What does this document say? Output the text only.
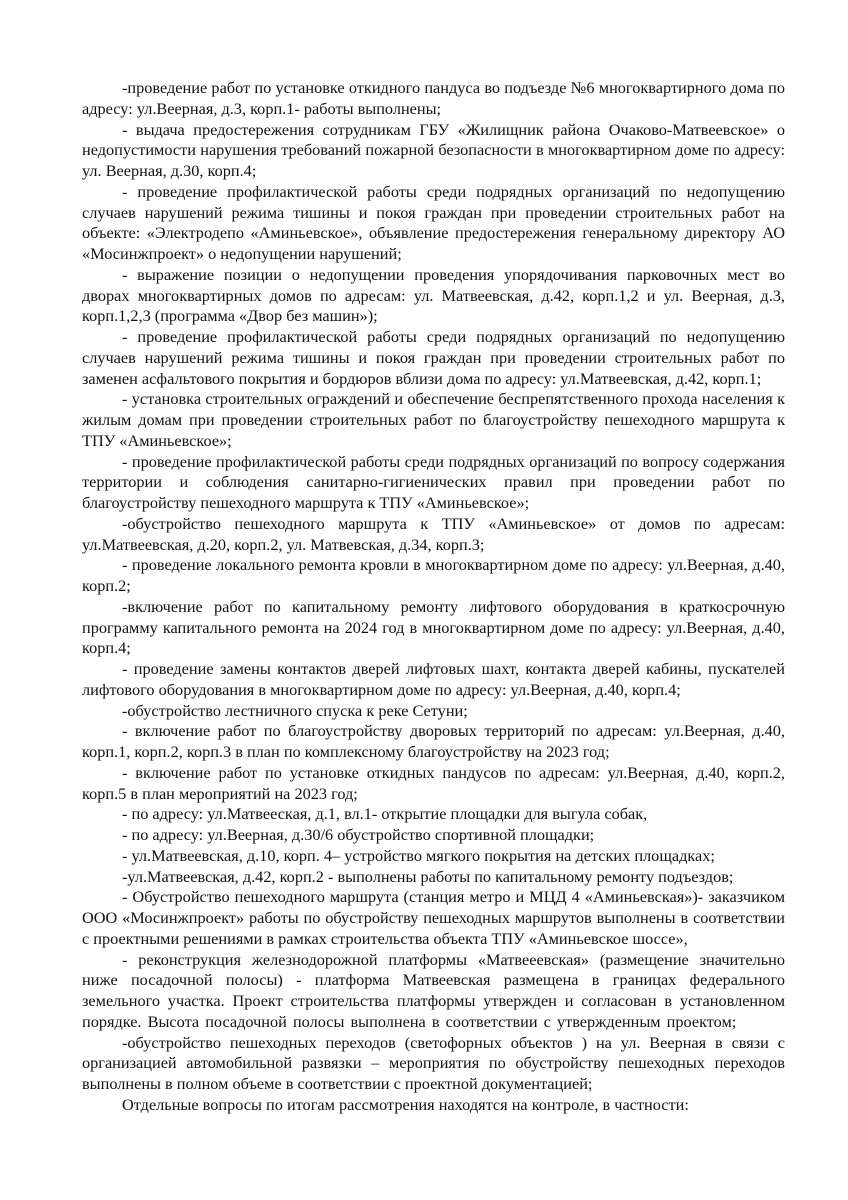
-проведение работ по установке откидного пандуса во подъезде №6 многоквартирного дома по адресу: ул.Веерная, д.3, корп.1- работы выполнены;

- выдача предостережения сотрудникам ГБУ «Жилищник района Очаково-Матвеевское» о недопустимости нарушения требований пожарной безопасности в многоквартирном доме по адресу: ул. Веерная, д.30, корп.4;

- проведение профилактической работы среди подрядных организаций по недопущению случаев нарушений режима тишины и покоя граждан при проведении строительных работ на объекте: «Электродепо «Аминьевское», объявление предостережения генеральному директору АО «Мосинжпроект» о недопущении нарушений;

- выражение позиции о недопущении проведения упорядочивания парковочных мест во дворах многоквартирных домов по адресам: ул. Матвеевская, д.42, корп.1,2 и ул. Веерная, д.3, корп.1,2,3 (программа «Двор без машин»);

- проведение профилактической работы среди подрядных организаций по недопущению случаев нарушений режима тишины и покоя граждан при проведении строительных работ по заменен асфальтового покрытия и бордюров вблизи дома по адресу: ул.Матвеевская, д.42, корп.1;

- установка строительных ограждений и обеспечение беспрепятственного прохода населения к жилым домам при проведении строительных работ по благоустройству пешеходного маршрута к ТПУ «Аминьевское»;

- проведение профилактической работы среди подрядных организаций по вопросу содержания территории и соблюдения санитарно-гигиенических правил при проведении работ по благоустройству пешеходного маршрута к ТПУ «Аминьевское»;

-обустройство пешеходного маршрута к ТПУ «Аминьевское» от домов по адресам: ул.Матвеевская, д.20, корп.2, ул. Матвевская, д.34, корп.3;

- проведение локального ремонта кровли в многоквартирном доме по адресу: ул.Веерная, д.40, корп.2;

-включение работ по капитальному ремонту лифтового оборудования в краткосрочную программу капитального ремонта на 2024 год в многоквартирном доме по адресу: ул.Веерная, д.40, корп.4;

- проведение замены контактов дверей лифтовых шахт, контакта дверей кабины, пускателей лифтового оборудования в многоквартирном доме по адресу: ул.Веерная, д.40, корп.4;

-обустройство лестничного спуска к реке Сетуни;

- включение работ по благоустройству дворовых территорий по адресам: ул.Веерная, д.40, корп.1, корп.2, корп.3 в план по комплексному благоустройству на 2023 год;

- включение работ по установке откидных пандусов по адресам: ул.Веерная, д.40, корп.2, корп.5 в план мероприятий на 2023 год;

- по адресу: ул.Матвееская, д.1, вл.1- открытие площадки для выгула собак,

- по адресу: ул.Веерная, д.30/6 обустройство спортивной площадки;

- ул.Матвеевская, д.10, корп. 4– устройство мягкого покрытия на детских площадках;

-ул.Матвеевская, д.42, корп.2 - выполнены работы по капитальному ремонту подъездов;

- Обустройство пешеходного маршрута (станция метро и МЦД 4 «Аминьевская»)- заказчиком ООО «Мосинжпроект» работы по обустройству пешеходных маршрутов выполнены в соответствии с проектными решениями в рамках строительства объекта ТПУ «Аминьевское шоссе»,

- реконструкция железнодорожной платформы «Матвееевская» (размещение значительно ниже посадочной полосы) - платформа Матвеевская размещена в границах федерального земельного участка. Проект строительства платформы утвержден и согласован в установленном порядке. Высота посадочной полосы выполнена в соответствии с утвержденным проектом;

-обустройство пешеходных переходов (светофорных объектов ) на ул. Веерная в связи с организацией автомобильной развязки – мероприятия по обустройству пешеходных переходов выполнены в полном объеме в соответствии с проектной документацией;

Отдельные вопросы по итогам рассмотрения находятся на контроле, в частности:
